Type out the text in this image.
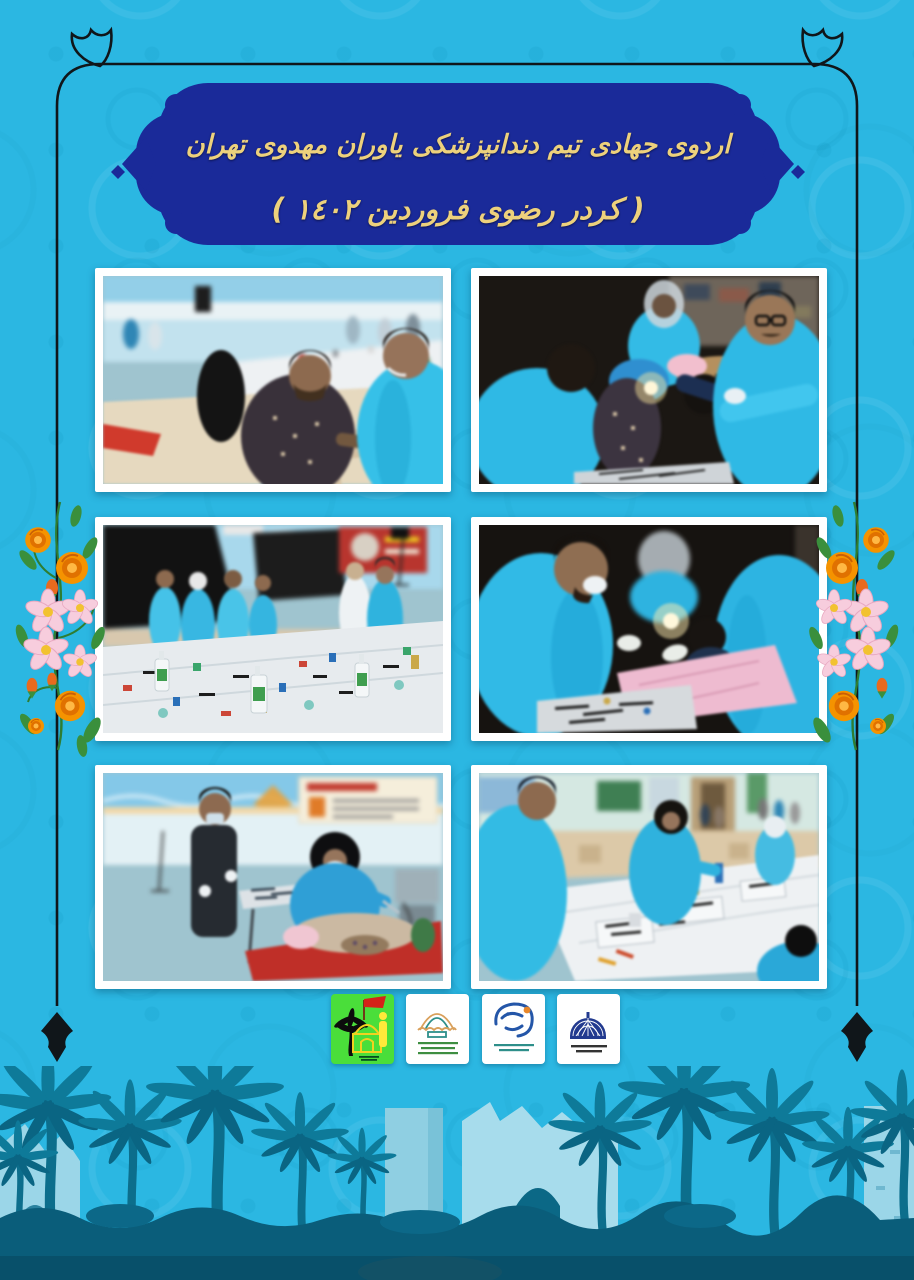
اردوی جهادی تیم دندانپزشکی یاوران مهدوی تهران
( کردر رضوی فروردین ١٤٠٢ )
